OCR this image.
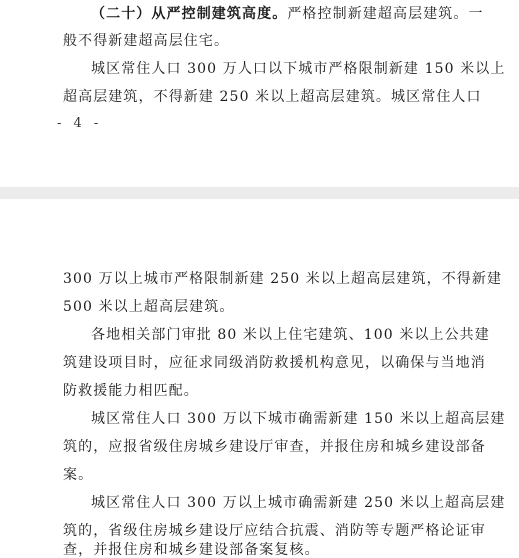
（二十）从严控制建筑高度。严格控制新建超高层建筑。一
般不得新建超高层住宅。
城区常住人口 300 万人口以下城市严格限制新建 150 米以上
超高层建筑，不得新建 250 米以上超高层建筑。城区常住人口
- 4 -
300 万以上城市严格限制新建 250 米以上超高层建筑，不得新建
500 米以上超高层建筑。
各地相关部门审批 80 米以上住宅建筑、100 米以上公共建
筑建设项目时，应征求同级消防救援机构意见，以确保与当地消
防救援能力相匹配。
城区常住人口 300 万以下城市确需新建 150 米以上超高层建
筑的，应报省级住房城乡建设厅审查，并报住房和城乡建设部备
案。
城区常住人口 300 万以上城市确需新建 250 米以上超高层建
筑的，省级住房城乡建设厅应结合抗震、消防等专题严格论证审
查，并报住房和城乡建设部备案复核。
